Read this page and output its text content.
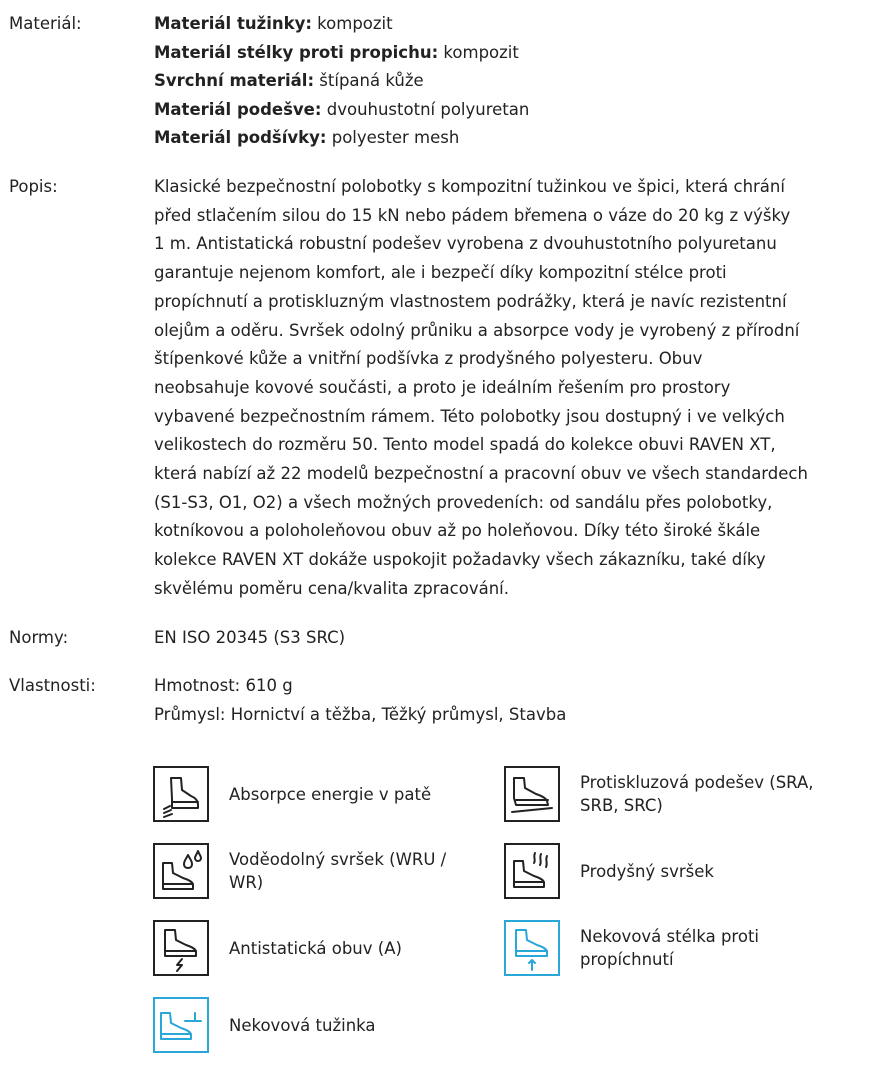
Materiál:	Materiál tužinky: kompozit
Materiál stélky proti propichu: kompozit
Svrchní materiál: štípaná kůže
Materiál podešve: dvouhustotní polyuretan
Materiál podšívky: polyester mesh
Popis:	Klasické bezpečnostní polobotky s kompozitní tužinkou ve špici, která chrání
před stlačením silou do 15 kN nebo pádem břemena o váze do 20 kg z výšky
1 m. Antistatická robustní podešev vyrobena z dvouhustotního polyuretanu
garantuje nejenom komfort, ale i bezpečí díky kompozitní stélce proti
propíchnutí a protiskluzným vlastnostem podrážky, která je navíc rezistentní
olejům a oděru. Svršek odolný průniku a absorpce vody je vyrobený z přírodní
štípenkové kůže a vnitřní podšívka z prodyšného polyesteru. Obuv
neobsahuje kovové součásti, a proto je ideálním řešením pro prostory
vybavené bezpečnostním rámem. Této polobotky jsou dostupný i ve velkých
velikostech do rozměru 50. Tento model spadá do kolekce obuvi RAVEN XT,
která nabízí až 22 modelů bezpečnostní a pracovní obuv ve všech standardech
(S1-S3, O1, O2) a všech možných provedeních: od sandálu přes polobotky,
kotníkovou a poloholeňovou obuv až po holeňovou. Díky této široké škále
kolekce RAVEN XT dokáže uspokojit požadavky všech zákazníku, také díky
skvělému poměru cena/kvalita zpracování.
Normy:	EN ISO 20345 (S3 SRC)
Vlastnosti:	Hmotnost: 610 g
Průmysl: Hornictví a těžba, Těžký průmysl, Stavba
Absorpce energie v patě
Protiskluzová podešev (SRA, SRB, SRC)
Voděodolný svršek (WRU / WR)
Prodyšný svršek
Antistatická obuv (A)
Nekovová stélka proti propíchnutí
Nekovová tužinka
